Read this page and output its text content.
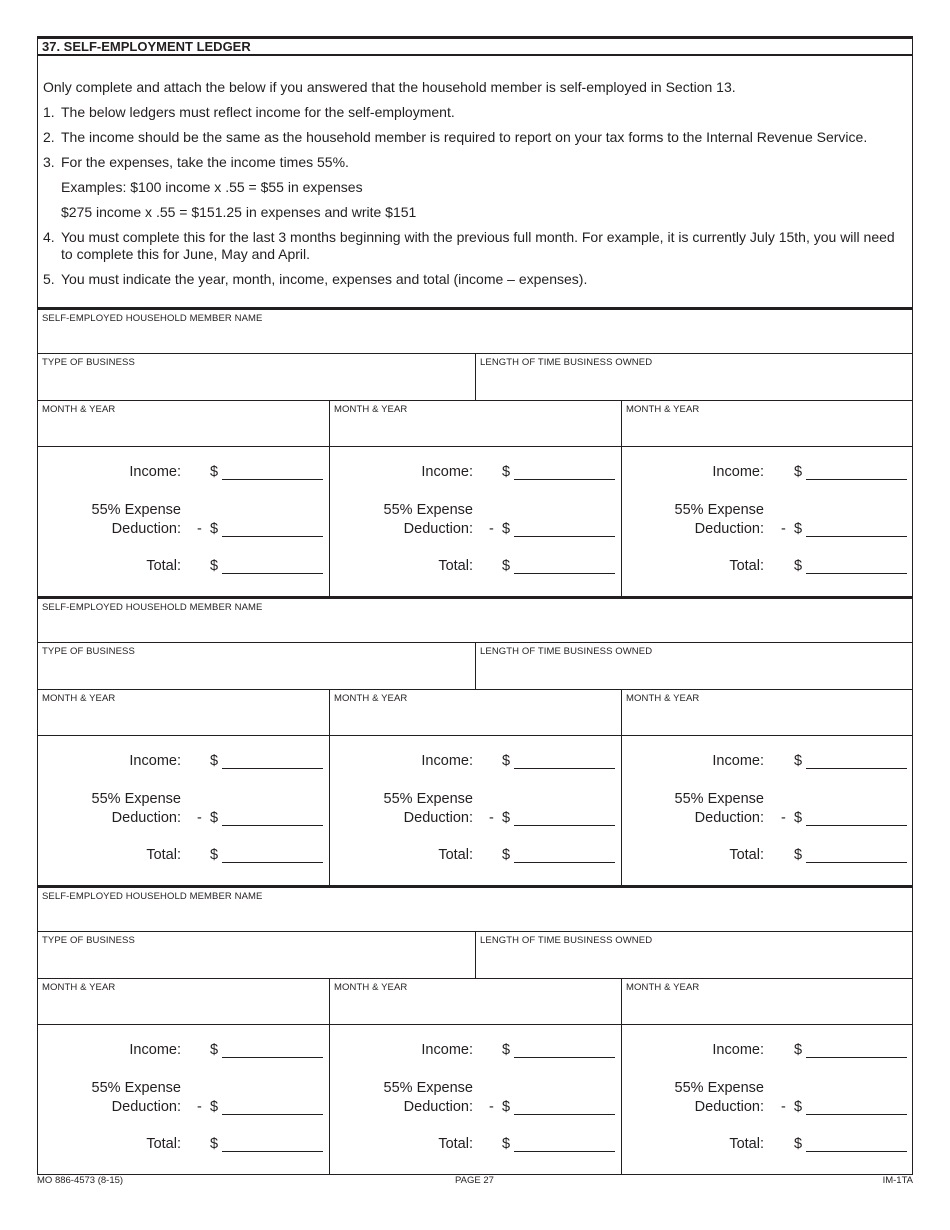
37. SELF-EMPLOYMENT LEDGER
Only complete and attach the below if you answered that the household member is self-employed in Section 13.
1. The below ledgers must reflect income for the self-employment.
2. The income should be the same as the household member is required to report on your tax forms to the Internal Revenue Service.
3. For the expenses, take the income times 55%.
Examples: $100 income x .55 = $55 in expenses
$275 income x .55 = $151.25 in expenses and write $151
4. You must complete this for the last 3 months beginning with the previous full month. For example, it is currently July 15th, you will need to complete this for June, May and April.
5. You must indicate the year, month, income, expenses and total (income – expenses).
SELF-EMPLOYED HOUSEHOLD MEMBER NAME
TYPE OF BUSINESS	LENGTH OF TIME BUSINESS OWNED
MONTH & YEAR	MONTH & YEAR	MONTH & YEAR
Income: $
55% Expense
Deduction: - $
Total: $
Income: $
55% Expense
Deduction: - $
Total: $
Income: $
55% Expense
Deduction: - $
Total: $
SELF-EMPLOYED HOUSEHOLD MEMBER NAME
TYPE OF BUSINESS	LENGTH OF TIME BUSINESS OWNED
MONTH & YEAR	MONTH & YEAR	MONTH & YEAR
Income: $
55% Expense
Deduction: - $
Total: $
Income: $
55% Expense
Deduction: - $
Total: $
Income: $
55% Expense
Deduction: - $
Total: $
SELF-EMPLOYED HOUSEHOLD MEMBER NAME
TYPE OF BUSINESS	LENGTH OF TIME BUSINESS OWNED
MONTH & YEAR	MONTH & YEAR	MONTH & YEAR
Income: $
55% Expense
Deduction: - $
Total: $
Income: $
55% Expense
Deduction: - $
Total: $
Income: $
55% Expense
Deduction: - $
Total: $
MO 886-4573 (8-15)	PAGE 27	IM-1TA
